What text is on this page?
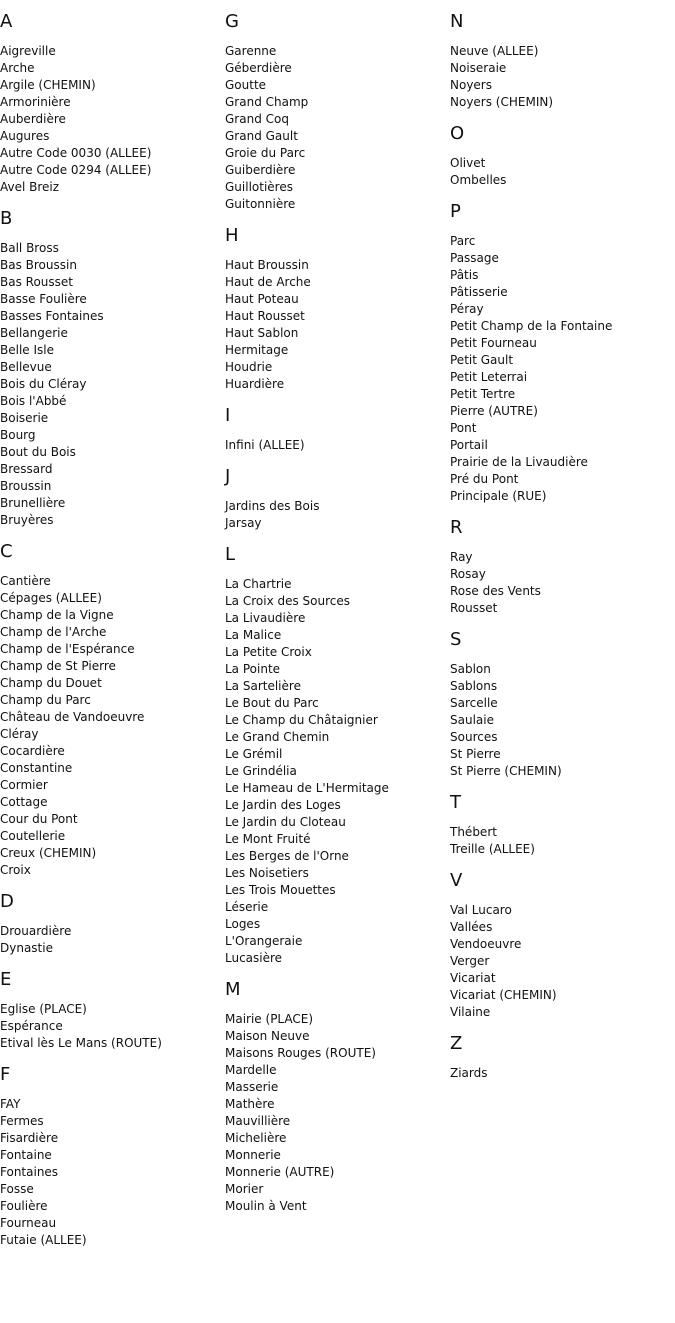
A
Aigreville
Arche
Argile (CHEMIN)
Armorinière
Auberdière
Augures
Autre Code 0030 (ALLEE)
Autre Code 0294 (ALLEE)
Avel Breiz
B
Ball Bross
Bas Broussin
Bas Rousset
Basse Foulière
Basses Fontaines
Bellangerie
Belle Isle
Bellevue
Bois du Cléray
Bois l'Abbé
Boiserie
Bourg
Bout du Bois
Bressard
Broussin
Brunellière
Bruyères
C
Cantière
Cépages (ALLEE)
Champ de la Vigne
Champ de l'Arche
Champ de l'Espérance
Champ de St Pierre
Champ du Douet
Champ du Parc
Château de Vandoeuvre
Cléray
Cocardière
Constantine
Cormier
Cottage
Cour du Pont
Coutellerie
Creux (CHEMIN)
Croix
D
Drouardière
Dynastie
E
Eglise (PLACE)
Espérance
Etival lès Le Mans (ROUTE)
F
FAY
Fermes
Fisardière
Fontaine
Fontaines
Fosse
Foulière
Fourneau
Futaie (ALLEE)
G
Garenne
Géberdière
Goutte
Grand Champ
Grand Coq
Grand Gault
Groie du Parc
Guiberdière
Guillotières
Guitonnière
H
Haut Broussin
Haut de Arche
Haut Poteau
Haut Rousset
Haut Sablon
Hermitage
Houdrie
Huardière
I
Infini (ALLEE)
J
Jardins des Bois
Jarsay
L
La Chartrie
La Croix des Sources
La Livaudière
La Malice
La Petite Croix
La Pointe
La Sartelière
Le Bout du Parc
Le Champ du Châtaignier
Le Grand Chemin
Le Grémil
Le Grindélia
Le Hameau de L'Hermitage
Le Jardin des Loges
Le Jardin du Cloteau
Le Mont Fruité
Les Berges de l'Orne
Les Noisetiers
Les Trois Mouettes
Léserie
Loges
L'Orangeraie
Lucasière
M
Mairie (PLACE)
Maison Neuve
Maisons Rouges (ROUTE)
Mardelle
Masserie
Mathère
Mauvillière
Michelière
Monnerie
Monnerie (AUTRE)
Morier
Moulin à Vent
N
Neuve (ALLEE)
Noiseraie
Noyers
Noyers (CHEMIN)
O
Olivet
Ombelles
P
Parc
Passage
Pâtis
Pâtisserie
Péray
Petit Champ de la Fontaine
Petit Fourneau
Petit Gault
Petit Leterrai
Petit Tertre
Pierre (AUTRE)
Pont
Portail
Prairie de la Livaudière
Pré du Pont
Principale (RUE)
R
Ray
Rosay
Rose des Vents
Rousset
S
Sablon
Sablons
Sarcelle
Saulaie
Sources
St Pierre
St Pierre (CHEMIN)
T
Thébert
Treille (ALLEE)
V
Val Lucaro
Vallées
Vendoeuvre
Verger
Vicariat
Vicariat (CHEMIN)
Vilaine
Z
Ziards
